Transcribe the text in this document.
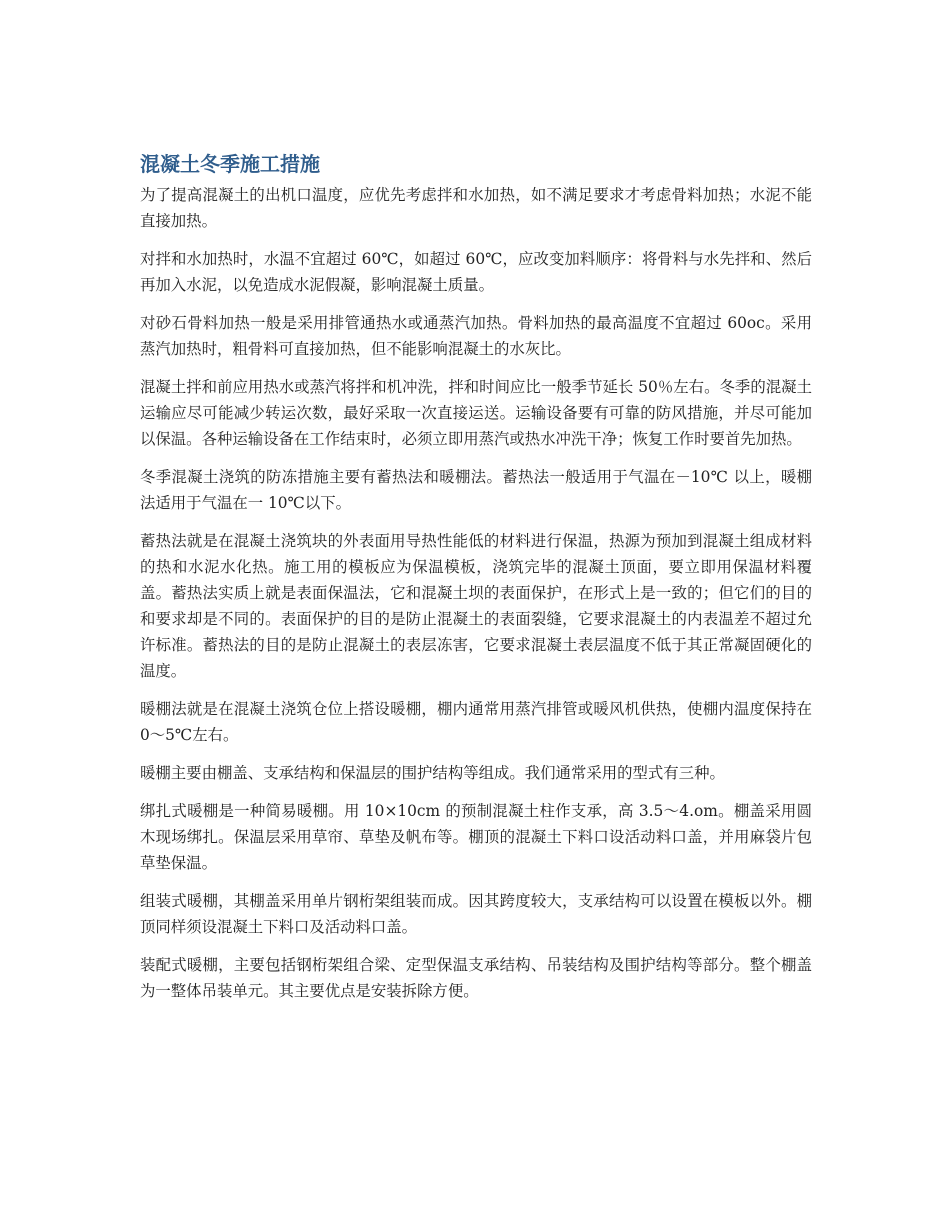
混凝土冬季施工措施

为了提高混凝土的出机口温度，应优先考虑拌和水加热，如不满足要求才考虑骨料加热；水泥不能直接加热。

对拌和水加热时，水温不宜超过 60℃，如超过 60℃，应改变加料顺序：将骨料与水先拌和、然后再加入水泥，以免造成水泥假凝，影响混凝土质量。

对砂石骨料加热一般是采用排管通热水或通蒸汽加热。骨料加热的最高温度不宜超过 60oc。采用蒸汽加热时，粗骨料可直接加热，但不能影响混凝土的水灰比。

混凝土拌和前应用热水或蒸汽将拌和机冲洗，拌和时间应比一般季节延长 50％左右。冬季的混凝土运输应尽可能减少转运次数，最好采取一次直接运送。运输设备要有可靠的防风措施，并尽可能加以保温。各种运输设备在工作结束时，必须立即用蒸汽或热水冲洗干净；恢复工作时要首先加热。

冬季混凝土浇筑的防冻措施主要有蓄热法和暖棚法。蓄热法一般适用于气温在－10℃ 以上，暖棚法适用于气温在一 10℃以下。

蓄热法就是在混凝土浇筑块的外表面用导热性能低的材料进行保温，热源为预加到混凝土组成材料的热和水泥水化热。施工用的模板应为保温模板，浇筑完毕的混凝土顶面，要立即用保温材料覆盖。蓄热法实质上就是表面保温法，它和混凝土坝的表面保护，在形式上是一致的；但它们的目的和要求却是不同的。表面保护的目的是防止混凝土的表面裂缝，它要求混凝土的内表温差不超过允许标准。蓄热法的目的是防止混凝土的表层冻害，它要求混凝土表层温度不低于其正常凝固硬化的温度。

暖棚法就是在混凝土浇筑仓位上搭设暖棚，棚内通常用蒸汽排管或暖风机供热，使棚内温度保持在 0～5℃左右。

暖棚主要由棚盖、支承结构和保温层的围护结构等组成。我们通常采用的型式有三种。

绑扎式暖棚是一种简易暖棚。用 10×10cm 的预制混凝土柱作支承，高 3.5～4.om。棚盖采用圆木现场绑扎。保温层采用草帘、草垫及帆布等。棚顶的混凝土下料口设活动料口盖，并用麻袋片包草垫保温。

组装式暖棚，其棚盖采用单片钢桁架组装而成。因其跨度较大，支承结构可以设置在模板以外。棚顶同样须设混凝土下料口及活动料口盖。

装配式暖棚，主要包括钢桁架组合梁、定型保温支承结构、吊装结构及围护结构等部分。整个棚盖为一整体吊装单元。其主要优点是安装拆除方便。
